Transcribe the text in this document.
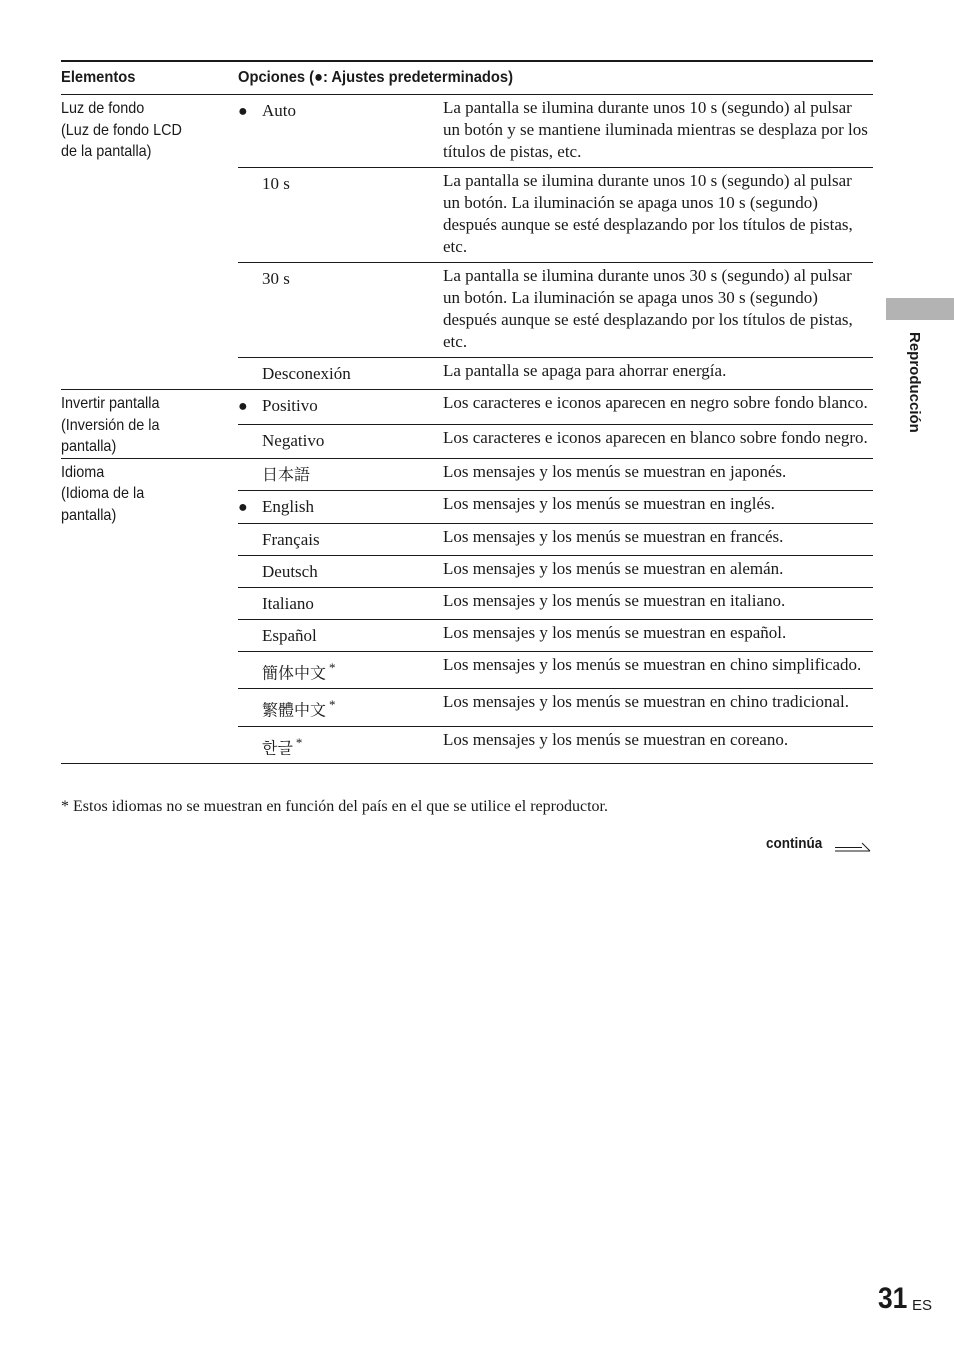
Elementos	Opciones (●: Ajustes predeterminados)	

Luz de fondo
(Luz de fondo LCD
de la pantalla)	● Auto	La pantalla se ilumina durante unos 10 s (segundo) al pulsar un botón y se mantiene iluminada mientras se desplaza por los títulos de pistas, etc.
	10 s	La pantalla se ilumina durante unos 10 s (segundo) al pulsar un botón. La iluminación se apaga unos 10 s (segundo) después aunque se esté desplazando por los títulos de pistas, etc.
	30 s	La pantalla se ilumina durante unos 30 s (segundo) al pulsar un botón. La iluminación se apaga unos 30 s (segundo) después aunque se esté desplazando por los títulos de pistas, etc.
	Desconexión	La pantalla se apaga para ahorrar energía.

Invertir pantalla
(Inversión de la
pantalla)	● Positivo	Los caracteres e iconos aparecen en negro sobre fondo blanco.
	Negativo	Los caracteres e iconos aparecen en blanco sobre fondo negro.

Idioma
(Idioma de la
pantalla)	日本語	Los mensajes y los menús se muestran en japonés.
	● English	Los mensajes y los menús se muestran en inglés.
	Français	Los mensajes y los menús se muestran en francés.
	Deutsch	Los mensajes y los menús se muestran en alemán.
	Italiano	Los mensajes y los menús se muestran en italiano.
	Español	Los mensajes y los menús se muestran en español.
	簡体中文 *	Los mensajes y los menús se muestran en chino simplificado.
	繁體中文 *	Los mensajes y los menús se muestran en chino tradicional.
	한글 *	Los mensajes y los menús se muestran en coreano.
* Estos idiomas no se muestran en función del país en el que se utilice el reproductor.
continúa
Reproducción
31 ES
